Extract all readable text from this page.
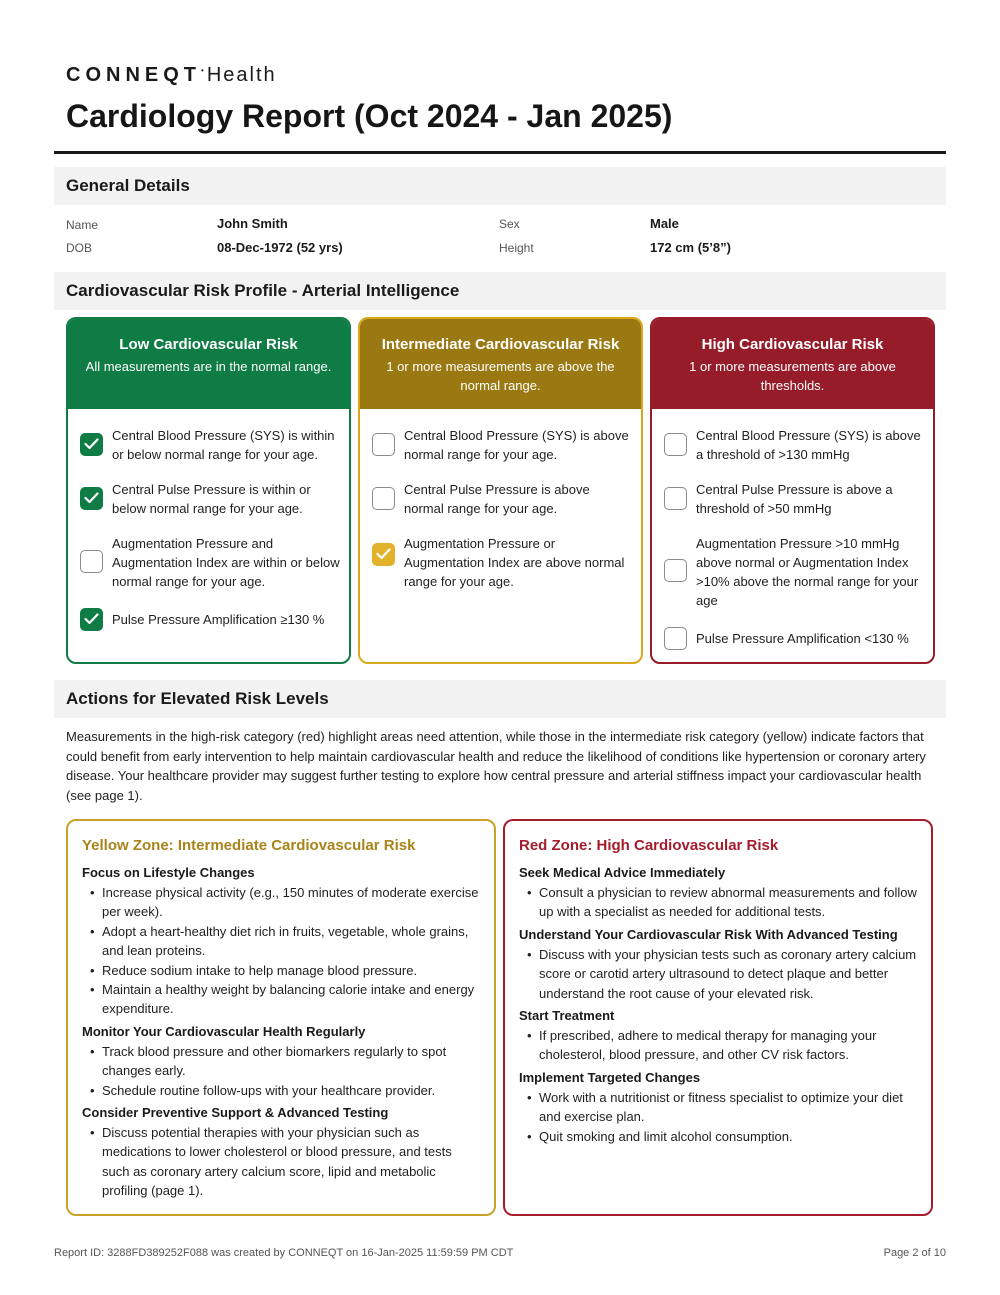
CONNEQT• Health
Cardiology Report (Oct 2024 - Jan 2025)
General Details
Name	John Smith	Sex	Male
DOB	08-Dec-1972 (52 yrs)	Height	172 cm (5’8”)
Cardiovascular Risk Profile - Arterial Intelligence
Low Cardiovascular Risk
All measurements are in the normal range.
Central Blood Pressure (SYS) is within or below normal range for your age.
Central Pulse Pressure is within or below normal range for your age.
Augmentation Pressure and Augmentation Index are within or below normal range for your age.
Pulse Pressure Amplification ≥130 %
Intermediate Cardiovascular Risk
1 or more measurements are above the normal range.
Central Blood Pressure (SYS) is above normal range for your age.
Central Pulse Pressure is above normal range for your age.
Augmentation Pressure or Augmentation Index are above normal range for your age.
High Cardiovascular Risk
1 or more measurements are above thresholds.
Central Blood Pressure (SYS) is above a threshold of >130 mmHg
Central Pulse Pressure is above a threshold of >50 mmHg
Augmentation Pressure >10 mmHg above normal or Augmentation Index >10% above the normal range for your age
Pulse Pressure Amplification <130 %
Actions for Elevated Risk Levels
Measurements in the high-risk category (red) highlight areas need attention, while those in the intermediate risk category (yellow) indicate factors that could benefit from early intervention to help maintain cardiovascular health and reduce the likelihood of conditions like hypertension or coronary artery disease. Your healthcare provider may suggest further testing to explore how central pressure and arterial stiffness impact your cardiovascular health (see page 1).
Yellow Zone: Intermediate Cardiovascular Risk
Focus on Lifestyle Changes
• Increase physical activity (e.g., 150 minutes of moderate exercise per week).
• Adopt a heart-healthy diet rich in fruits, vegetable, whole grains, and lean proteins.
• Reduce sodium intake to help manage blood pressure.
• Maintain a healthy weight by balancing calorie intake and energy expenditure.
Monitor Your Cardiovascular Health Regularly
• Track blood pressure and other biomarkers regularly to spot changes early.
• Schedule routine follow-ups with your healthcare provider.
Consider Preventive Support & Advanced Testing
• Discuss potential therapies with your physician such as medications to lower cholesterol or blood pressure, and tests such as coronary artery calcium score, lipid and metabolic profiling (page 1).
Red Zone: High Cardiovascular Risk
Seek Medical Advice Immediately
• Consult a physician to review abnormal measurements and follow up with a specialist as needed for additional tests.
Understand Your Cardiovascular Risk With Advanced Testing
• Discuss with your physician tests such as coronary artery calcium score or carotid artery ultrasound to detect plaque and better understand the root cause of your elevated risk.
Start Treatment
• If prescribed, adhere to medical therapy for managing your cholesterol, blood pressure, and other CV risk factors.
Implement Targeted Changes
• Work with a nutritionist or fitness specialist to optimize your diet and exercise plan.
• Quit smoking and limit alcohol consumption.
Report ID: 3288FD389252F088 was created by CONNEQT on 16-Jan-2025 11:59:59 PM CDT	Page 2 of 10
